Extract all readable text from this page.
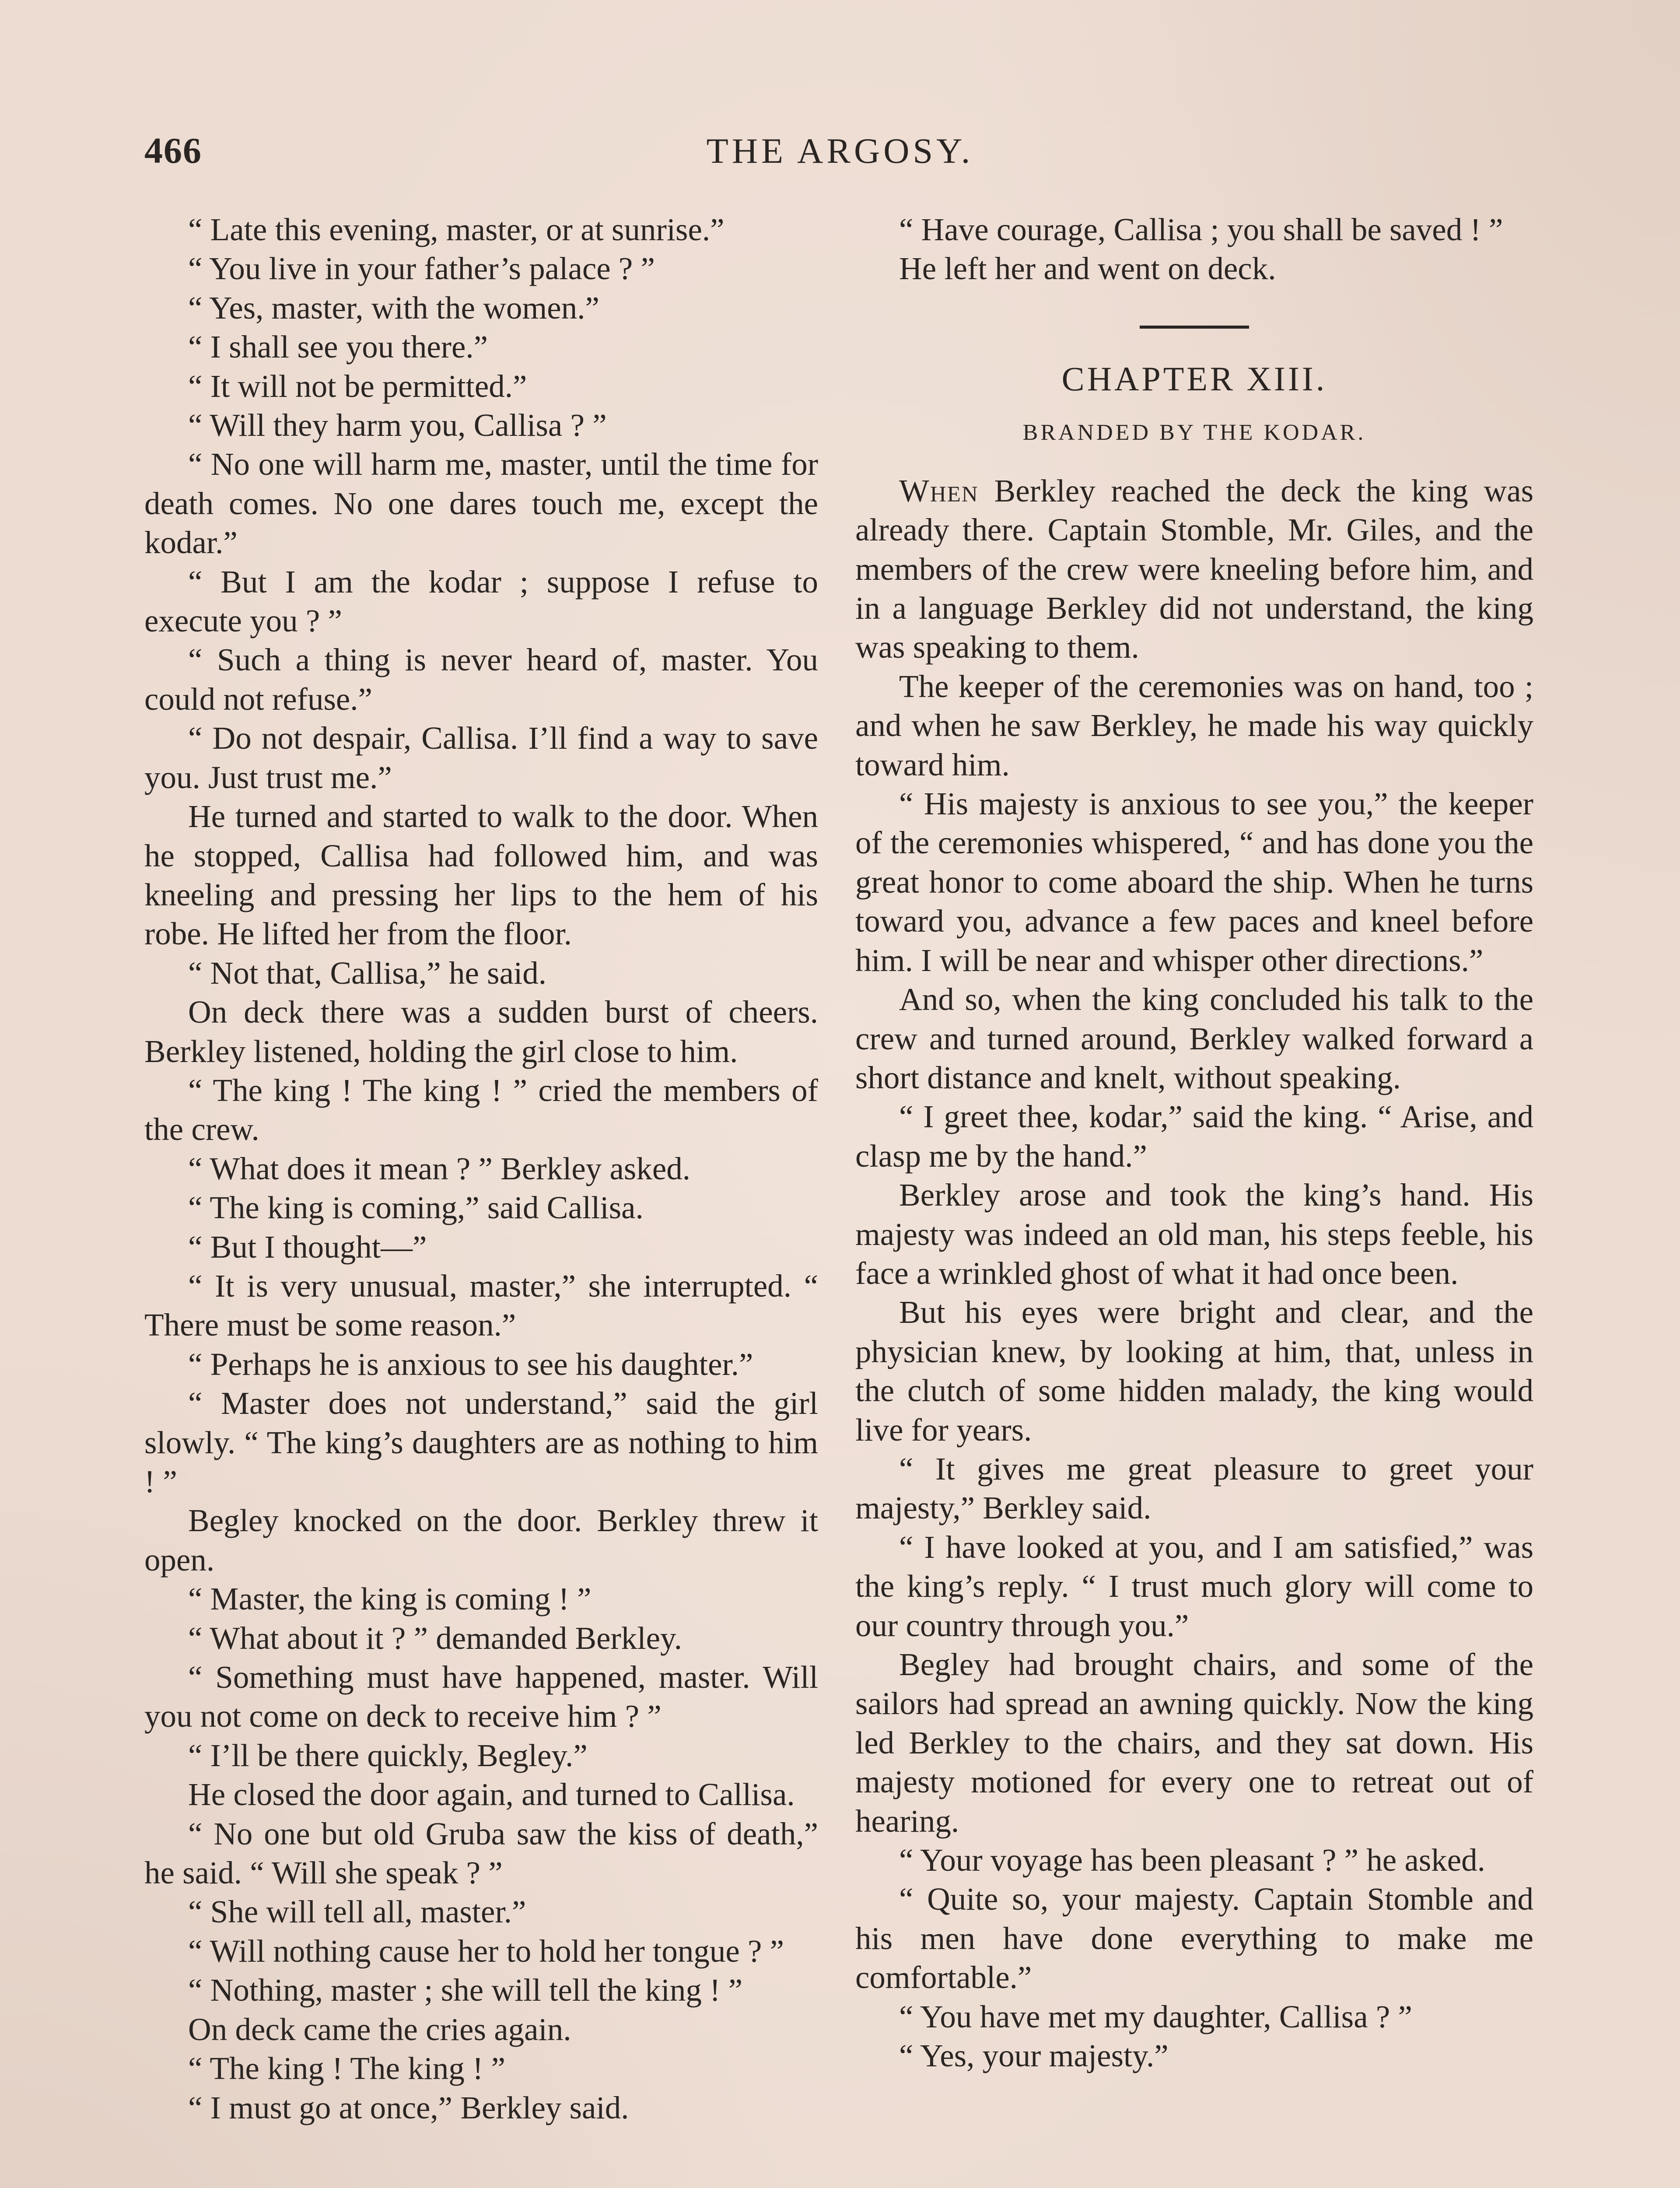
466	THE ARGOSY.

“ Late this evening, master, or at sunrise.”

“ You live in your father’s palace ? ”

“ Yes, master, with the women.”

“ I shall see you there.”

“ It will not be permitted.”

“ Will they harm you, Callisa ? ”

“ No one will harm me, master, until the time for death comes. No one dares touch me, except the kodar.”

“ But I am the kodar ; suppose I refuse to execute you ? ”

“ Such a thing is never heard of, master. You could not refuse.”

“ Do not despair, Callisa. I’ll find a way to save you. Just trust me.”

He turned and started to walk to the door. When he stopped, Callisa had followed him, and was kneeling and pressing her lips to the hem of his robe. He lifted her from the floor.

“ Not that, Callisa,” he said.

On deck there was a sudden burst of cheers. Berkley listened, holding the girl close to him.

“ The king ! The king ! ” cried the members of the crew.

“ What does it mean ? ” Berkley asked.

“ The king is coming,” said Callisa.

“ But I thought—”

“ It is very unusual, master,” she interrupted. “ There must be some reason.”

“ Perhaps he is anxious to see his daughter.”

“ Master does not understand,” said the girl slowly. “ The king’s daughters are as nothing to him ! ”

Begley knocked on the door. Berkley threw it open.

“ Master, the king is coming ! ”

“ What about it ? ” demanded Berkley.

“ Something must have happened, master. Will you not come on deck to receive him ? ”

“ I’ll be there quickly, Begley.”

He closed the door again, and turned to Callisa.

“ No one but old Gruba saw the kiss of death,” he said. “ Will she speak ? ”

“ She will tell all, master.”

“ Will nothing cause her to hold her tongue ? ”

“ Nothing, master ; she will tell the king ! ”

On deck came the cries again.

“ The king ! The king ! ”

“ I must go at once,” Berkley said.

“ Have courage, Callisa ; you shall be saved ! ”

He left her and went on deck.

CHAPTER XIII.
BRANDED BY THE KODAR.

When Berkley reached the deck the king was already there. Captain Stomble, Mr. Giles, and the members of the crew were kneeling before him, and in a language Berkley did not understand, the king was speaking to them.

The keeper of the ceremonies was on hand, too ; and when he saw Berkley, he made his way quickly toward him.

“ His majesty is anxious to see you,” the keeper of the ceremonies whispered, “ and has done you the great honor to come aboard the ship. When he turns toward you, advance a few paces and kneel before him. I will be near and whisper other directions.”

And so, when the king concluded his talk to the crew and turned around, Berkley walked forward a short distance and knelt, without speaking.

“ I greet thee, kodar,” said the king. “ Arise, and clasp me by the hand.”

Berkley arose and took the king’s hand. His majesty was indeed an old man, his steps feeble, his face a wrinkled ghost of what it had once been.

But his eyes were bright and clear, and the physician knew, by looking at him, that, unless in the clutch of some hidden malady, the king would live for years.

“ It gives me great pleasure to greet your majesty,” Berkley said.

“ I have looked at you, and I am satisfied,” was the king’s reply. “ I trust much glory will come to our country through you.”

Begley had brought chairs, and some of the sailors had spread an awning quickly. Now the king led Berkley to the chairs, and they sat down. His majesty motioned for every one to retreat out of hearing.

“ Your voyage has been pleasant ? ” he asked.

“ Quite so, your majesty. Captain Stomble and his men have done everything to make me comfortable.”

“ You have met my daughter, Callisa ? ”

“ Yes, your majesty.”
